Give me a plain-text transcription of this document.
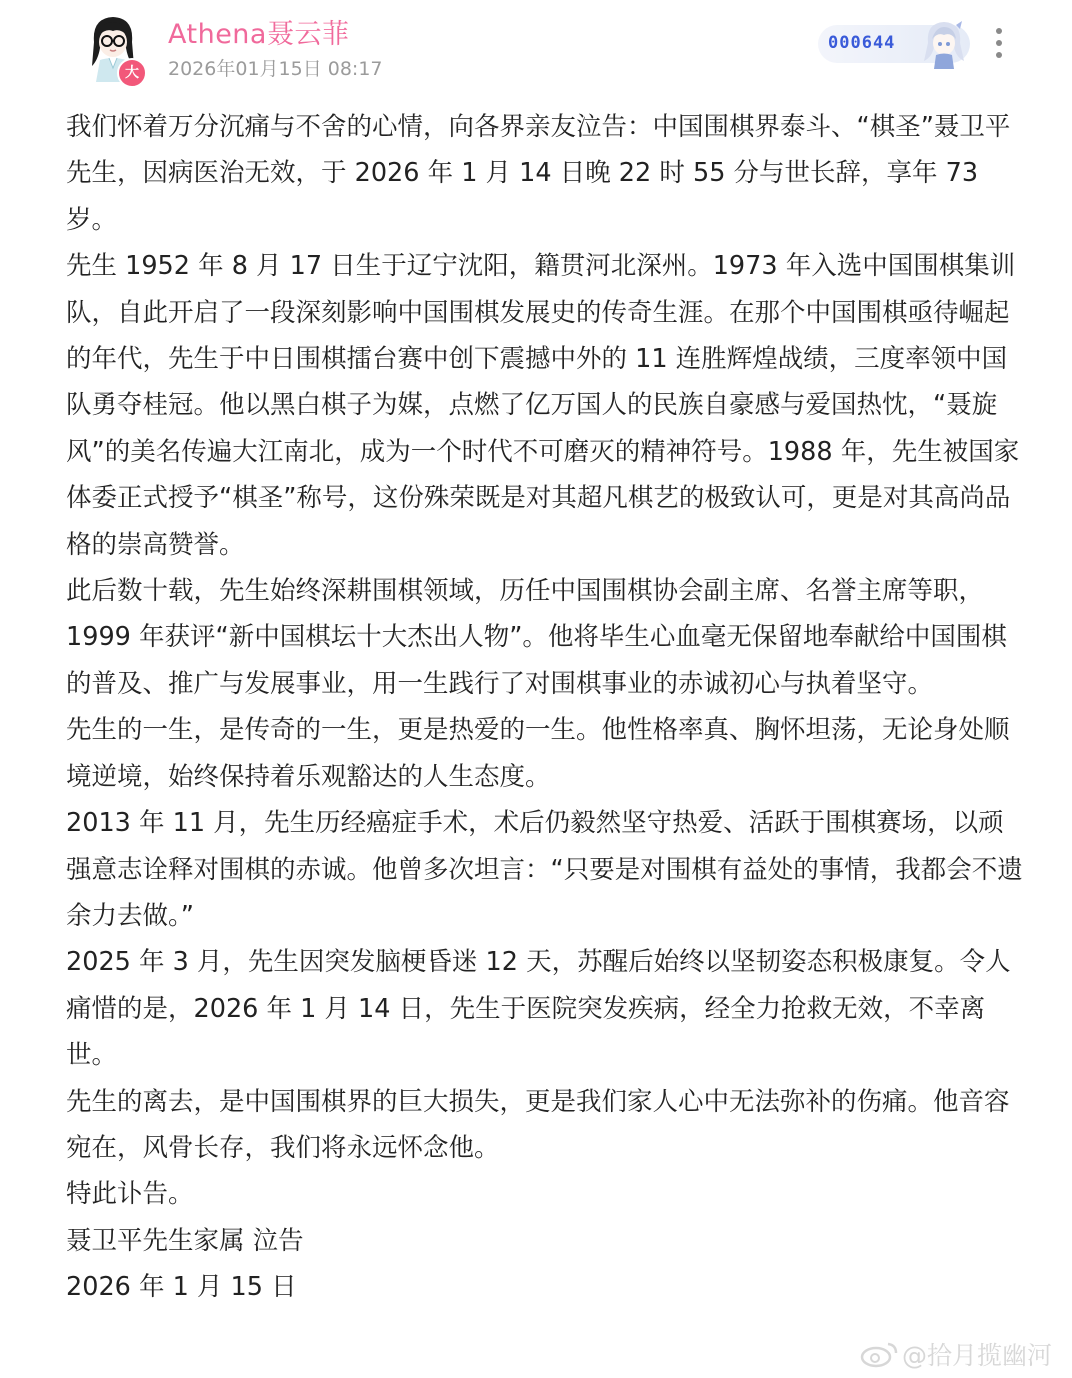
大
Athena聂云菲
2026年01月15日 08:17
000644

我们怀着万分沉痛与不舍的心情，向各界亲友泣告：中国围棋界泰斗、“棋圣”聂卫平先生，因病医治无效，于 2026 年 1 月 14 日晚 22 时 55 分与世长辞，享年 73 岁。

先生 1952 年 8 月 17 日生于辽宁沈阳，籍贯河北深州。1973 年入选中国围棋集训队，自此开启了一段深刻影响中国围棋发展史的传奇生涯。在那个中国围棋亟待崛起的年代，先生于中日围棋擂台赛中创下震撼中外的 11 连胜辉煌战绩，三度率领中国队勇夺桂冠。他以黑白棋子为媒，点燃了亿万国人的民族自豪感与爱国热忱，“聂旋风”的美名传遍大江南北，成为一个时代不可磨灭的精神符号。1988 年，先生被国家体委正式授予“棋圣”称号，这份殊荣既是对其超凡棋艺的极致认可，更是对其高尚品格的崇高赞誉。

此后数十载，先生始终深耕围棋领域，历任中国围棋协会副主席、名誉主席等职，1999 年获评“新中国棋坛十大杰出人物”。他将毕生心血毫无保留地奉献给中国围棋的普及、推广与发展事业，用一生践行了对围棋事业的赤诚初心与执着坚守。

先生的一生，是传奇的一生，更是热爱的一生。他性格率真、胸怀坦荡，无论身处顺境逆境，始终保持着乐观豁达的人生态度。

2013 年 11 月，先生历经癌症手术，术后仍毅然坚守热爱、活跃于围棋赛场，以顽强意志诠释对围棋的赤诚。他曾多次坦言：“只要是对围棋有益处的事情，我都会不遗余力去做。”

2025 年 3 月，先生因突发脑梗昏迷 12 天，苏醒后始终以坚韧姿态积极康复。令人痛惜的是，2026 年 1 月 14 日，先生于医院突发疾病，经全力抢救无效，不幸离世。

先生的离去，是中国围棋界的巨大损失，更是我们家人心中无法弥补的伤痛。他音容宛在，风骨长存，我们将永远怀念他。

特此讣告。

聂卫平先生家属 泣告

2026 年 1 月 15 日

@拾月揽幽河
